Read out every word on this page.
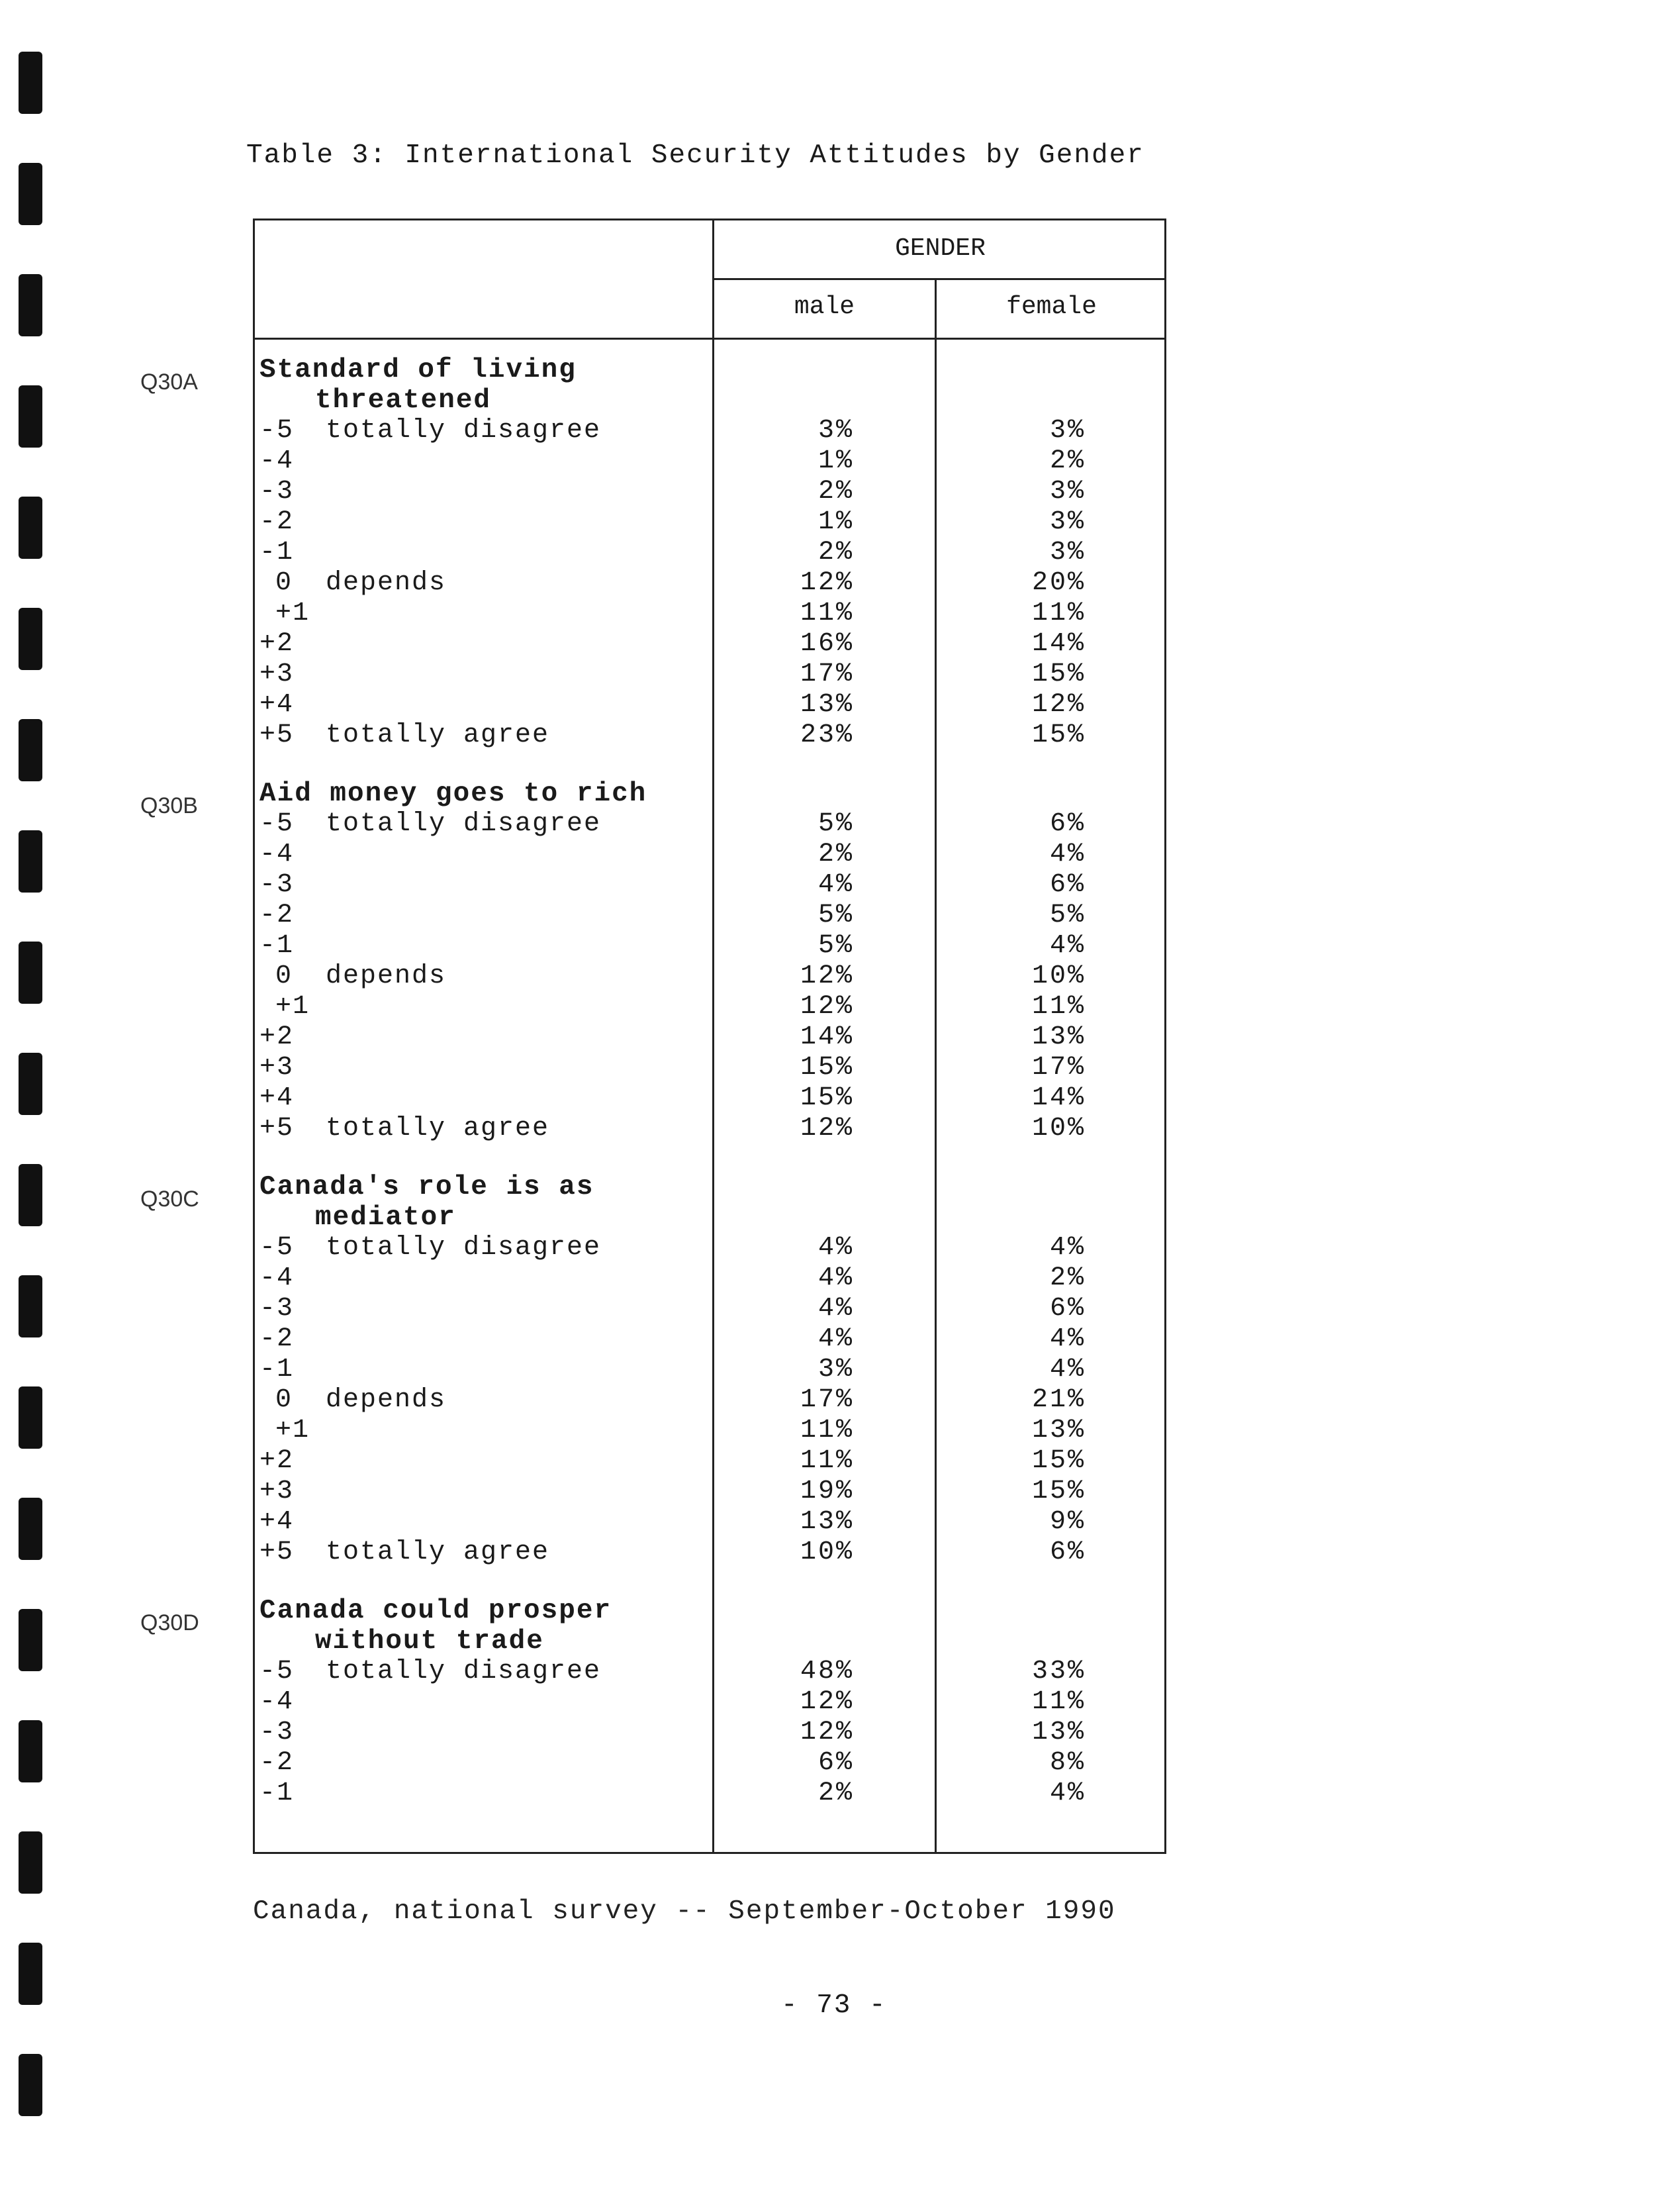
Table 3: International Security Attitudes by Gender
GENDER
male	female
Q30A Standard of living
threatened
-5 totally disagree	3%	3%
-4	1%	2%
-3	2%	3%
-2	1%	3%
-1	2%	3%
0 depends	12%	20%
+1	11%	11%
+2	16%	14%
+3	17%	15%
+4	13%	12%
+5 totally agree	23%	15%
Q30B Aid money goes to rich
-5 totally disagree	5%	6%
-4	2%	4%
-3	4%	6%
-2	5%	5%
-1	5%	4%
0 depends	12%	10%
+1	12%	11%
+2	14%	13%
+3	15%	17%
+4	15%	14%
+5 totally agree	12%	10%
Q30C Canada's role is as
mediator
-5 totally disagree	4%	4%
-4	4%	2%
-3	4%	6%
-2	4%	4%
-1	3%	4%
0 depends	17%	21%
+1	11%	13%
+2	11%	15%
+3	19%	15%
+4	13%	9%
+5 totally agree	10%	6%
Q30D Canada could prosper
without trade
-5 totally disagree	48%	33%
-4	12%	11%
-3	12%	13%
-2	6%	8%
-1	2%	4%
Canada, national survey -- September-October 1990
- 73 -
